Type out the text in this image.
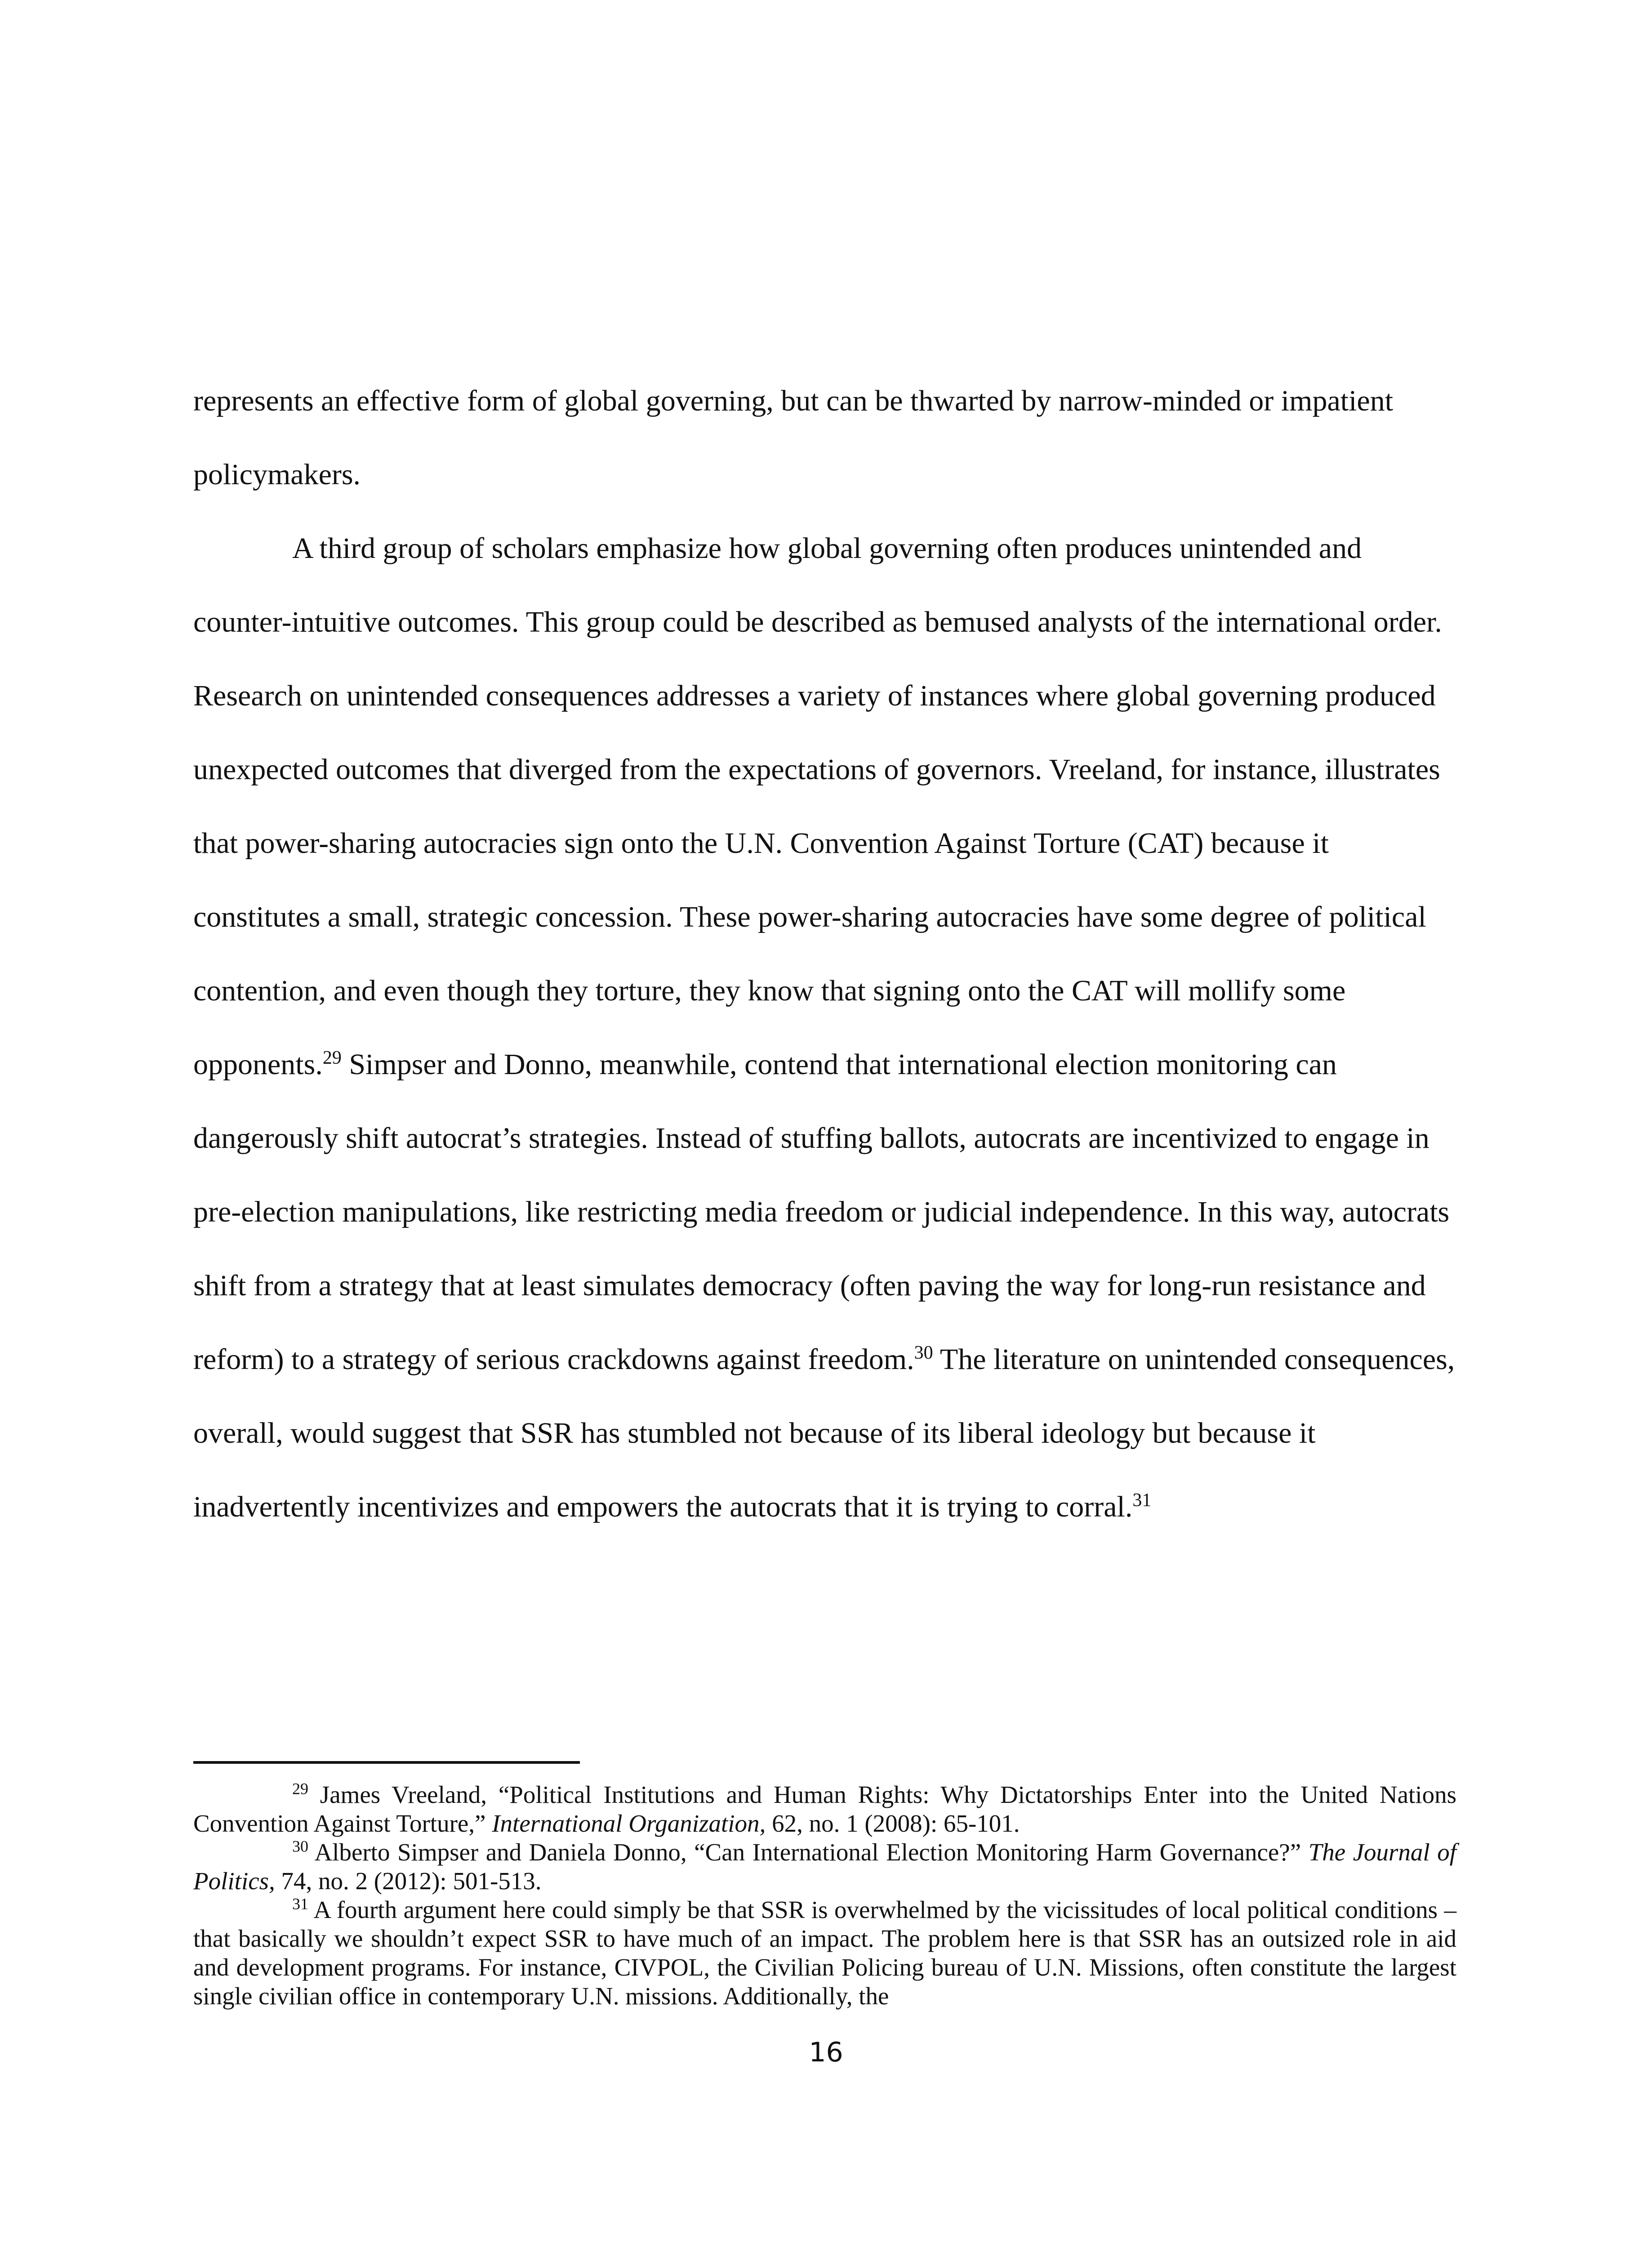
represents an effective form of global governing, but can be thwarted by narrow-minded or impatient policymakers.

A third group of scholars emphasize how global governing often produces unintended and counter-intuitive outcomes. This group could be described as bemused analysts of the international order. Research on unintended consequences addresses a variety of instances where global governing produced unexpected outcomes that diverged from the expectations of governors. Vreeland, for instance, illustrates that power-sharing autocracies sign onto the U.N. Convention Against Torture (CAT) because it constitutes a small, strategic concession. These power-sharing autocracies have some degree of political contention, and even though they torture, they know that signing onto the CAT will mollify some opponents.$^{29}$ Simpser and Donno, meanwhile, contend that international election monitoring can dangerously shift autocrat’s strategies. Instead of stuffing ballots, autocrats are incentivized to engage in pre-election manipulations, like restricting media freedom or judicial independence. In this way, autocrats shift from a strategy that at least simulates democracy (often paving the way for long-run resistance and reform) to a strategy of serious crackdowns against freedom.$^{30}$ The literature on unintended consequences, overall, would suggest that SSR has stumbled not because of its liberal ideology but because it inadvertently incentivizes and empowers the autocrats that it is trying to corral.$^{31}$

$^{29}$ James Vreeland, “Political Institutions and Human Rights: Why Dictatorships Enter into the United Nations Convention Against Torture,” International Organization, 62, no. 1 (2008): 65-101.

$^{30}$ Alberto Simpser and Daniela Donno, “Can International Election Monitoring Harm Governance?” The Journal of Politics, 74, no. 2 (2012): 501-513.

$^{31}$ A fourth argument here could simply be that SSR is overwhelmed by the vicissitudes of local political conditions – that basically we shouldn’t expect SSR to have much of an impact. The problem here is that SSR has an outsized role in aid and development programs. For instance, CIVPOL, the Civilian Policing bureau of U.N. Missions, often constitute the largest single civilian office in contemporary U.N. missions. Additionally, the

16
